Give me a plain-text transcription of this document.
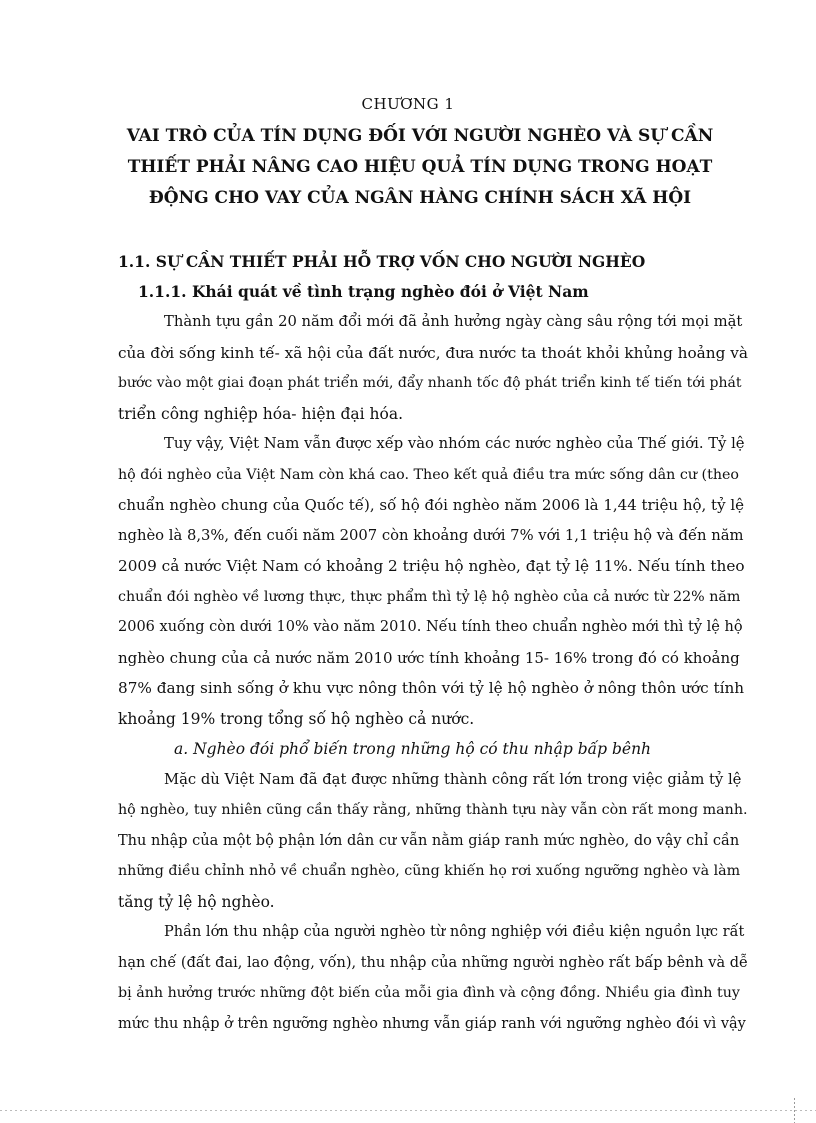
CHƯƠNG 1
VAI TRÒ CỦA TÍN DỤNG ĐỐI VỚI NGƯỜI NGHÈO VÀ SỰ CẦN
THIẾT PHẢI NÂNG CAO HIỆU QUẢ TÍN DỤNG TRONG HOẠT
ĐỘNG CHO VAY CỦA NGÂN HÀNG CHÍNH SÁCH XÃ HỘI
1.1. SỰ CẦN THIẾT PHẢI HỖ TRỢ VỐN CHO NGƯỜI NGHÈO
1.1.1. Khái quát về tình trạng nghèo đói ở Việt Nam
Thành tựu gần 20 năm đổi mới đã ảnh hưởng ngày càng sâu rộng tới mọi mặt
của đời sống kinh tế- xã hội của đất nước, đưa nước ta thoát khỏi khủng hoảng và
bước vào một giai đoạn phát triển mới, đẩy nhanh tốc độ phát triển kinh tế tiến tới phát
triển công nghiệp hóa- hiện đại hóa.
Tuy vậy, Việt Nam vẫn được xếp vào nhóm các nước nghèo của Thế giới. Tỷ lệ
hộ đói nghèo của Việt Nam còn khá cao. Theo kết quả điều tra mức sống dân cư (theo
chuẩn nghèo chung của Quốc tế), số hộ đói nghèo năm 2006 là 1,44 triệu hộ, tỷ lệ
nghèo là 8,3%, đến cuối năm 2007 còn khoảng dưới 7% với 1,1 triệu hộ và đến năm
2009 cả nước Việt Nam có khoảng 2 triệu hộ nghèo, đạt tỷ lệ 11%. Nếu tính theo
chuẩn đói nghèo về lương thực, thực phẩm thì tỷ lệ hộ nghèo của cả nước từ 22% năm
2006 xuống còn dưới 10% vào năm 2010. Nếu tính theo chuẩn nghèo mới thì tỷ lệ hộ
nghèo chung của cả nước năm 2010 ước tính khoảng 15- 16% trong đó có khoảng
87% đang sinh sống ở khu vực nông thôn với tỷ lệ hộ nghèo ở nông thôn ước tính
khoảng 19% trong tổng số hộ nghèo cả nước.
a. Nghèo đói phổ biến trong những hộ có thu nhập bấp bênh
Mặc dù Việt Nam đã đạt được những thành công rất lớn trong việc giảm tỷ lệ
hộ nghèo, tuy nhiên cũng cần thấy rằng, những thành tựu này vẫn còn rất mong manh.
Thu nhập của một bộ phận lớn dân cư vẫn nằm giáp ranh mức nghèo, do vậy chỉ cần
những điều chỉnh nhỏ về chuẩn nghèo, cũng khiến họ rơi xuống ngưỡng nghèo và làm
tăng tỷ lệ hộ nghèo.
Phần lớn thu nhập của người nghèo từ nông nghiệp với điều kiện nguồn lực rất
hạn chế (đất đai, lao động, vốn), thu nhập của những người nghèo rất bấp bênh và dễ
bị ảnh hưởng trước những đột biến của mỗi gia đình và cộng đồng. Nhiều gia đình tuy
mức thu nhập ở trên ngưỡng nghèo nhưng vẫn giáp ranh với ngưỡng nghèo đói vì vậy
